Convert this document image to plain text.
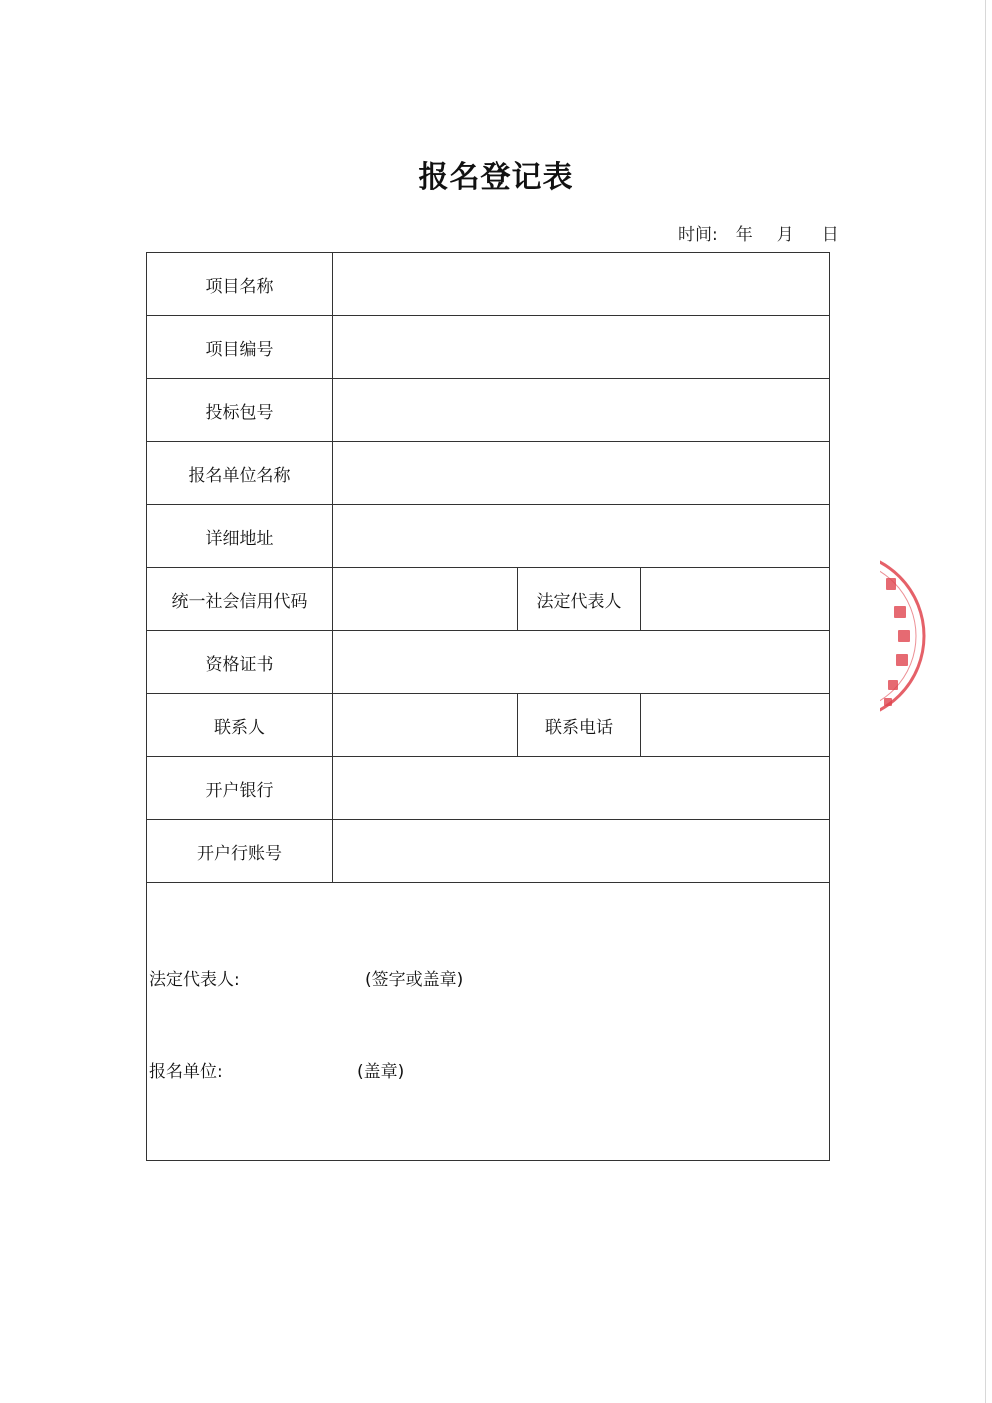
报名登记表
时间: 年 月 日
项目名称
项目编号
投标包号
报名单位名称
详细地址
统一社会信用代码	法定代表人
资格证书
联系人	联系电话
开户银行
开户行账号
法定代表人:	(签字或盖章)
报名单位:	(盖章)
